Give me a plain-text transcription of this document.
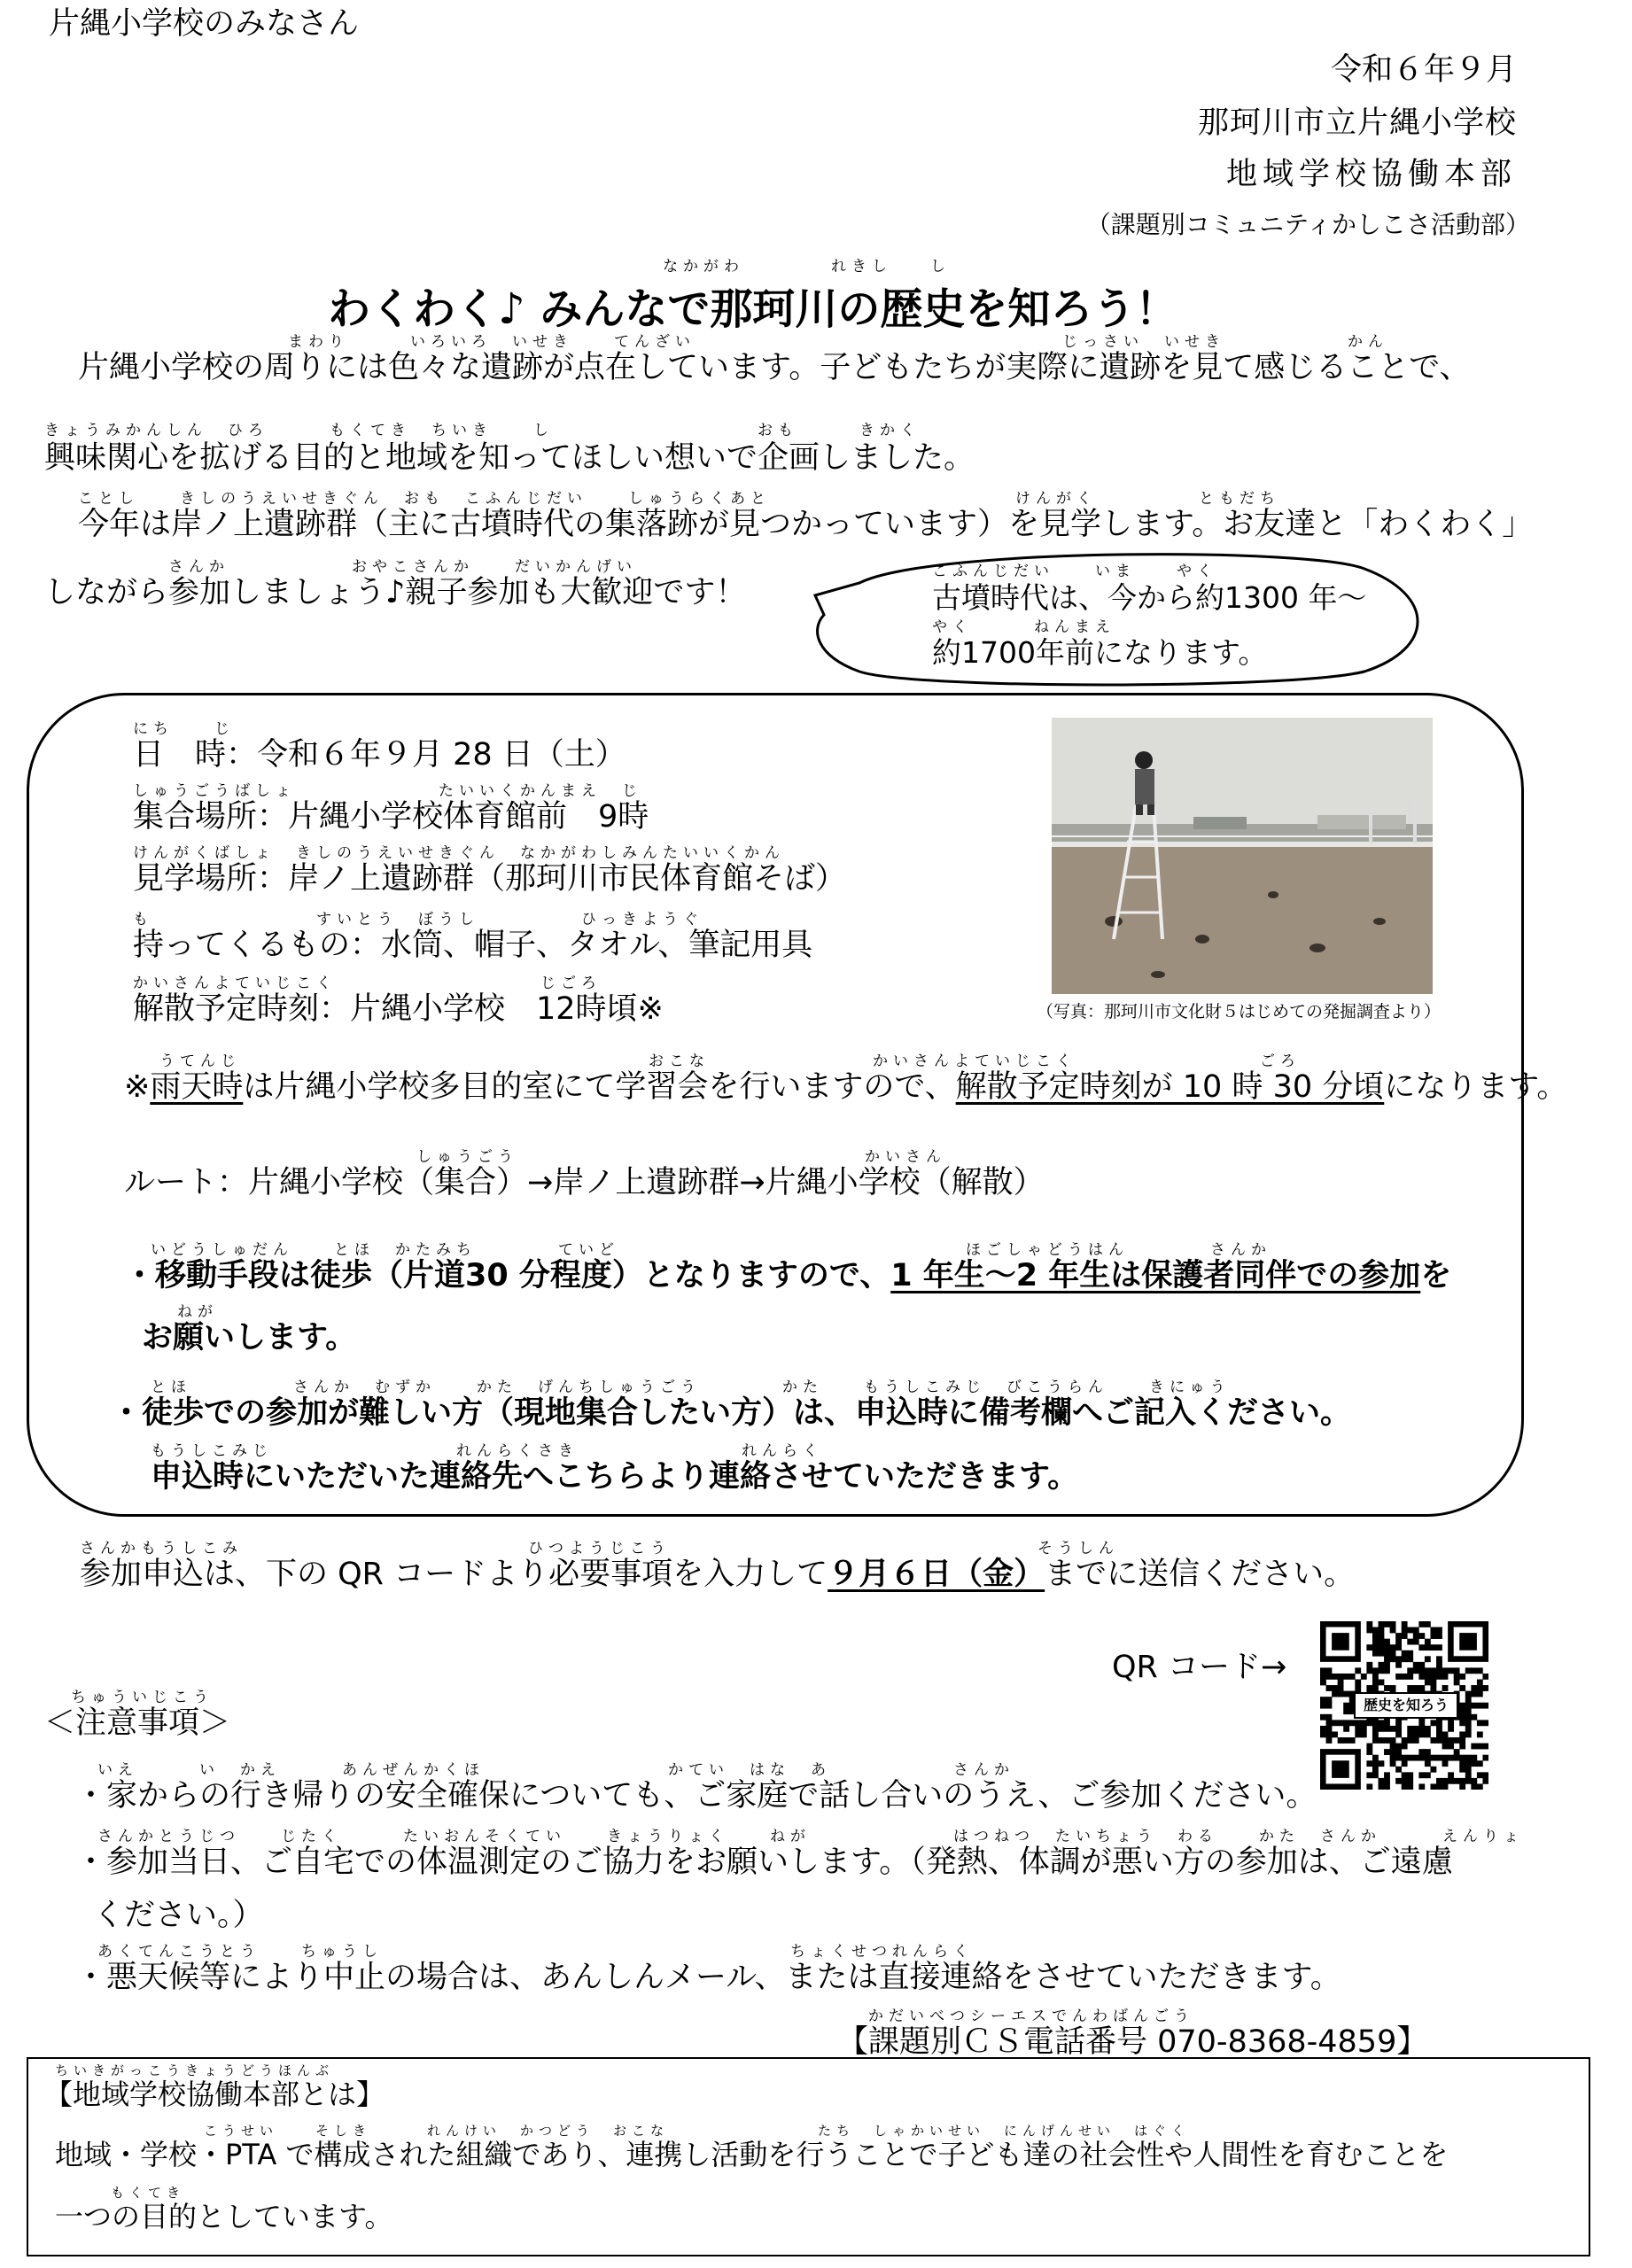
片縄小学校のみなさん
令和６年９月
那珂川市立片縄小学校
地域学校協働本部
（課題別コミュニティかしこさ活動部）
なかがわ	れきし	し
わくわく♪ みんなで那珂川の歴史を知ろう！
まわり　　　いろいろ　いせき　　てんざい　　　　　　　　　　　　　　　　　　じっさい　いせき　　　　　　かん
片縄小学校の周りには色々な遺跡が点在しています。子どもたちが実際に遺跡を見て感じることで、
きょうみかんしん　ひろ　　　もくてき　ちいき　　し　　　　　　　　　　おも　　　きかく
興味関心を拡げる目的と地域を知ってほしい想いで企画しました。
ことし　　きしのうえいせきぐん　おも　こふんじだい　　しゅうらくあと　　　　　　　　　　　　けんがく　　　　　ともだち
今年は岸ノ上遺跡群（主に古墳時代の集落跡が見つかっています）を見学します。お友達と「わくわく」
さんか　　　　　　おやこさんか　　だいかんげい
しながら参加しましょう♪親子参加も大歓迎です！
こふんじだい　　いま　　やく
古墳時代は、今から約1300 年～
やく　　　ねんまえ
約1700年前になります。
にち　　じ
日　時：令和６年９月 28 日（土）
しゅうごうばしょ　　　　　　　たいいくかんまえ　じ
集合場所：片縄小学校体育館前　9時
けんがくばしょ　きしのうえいせきぐん　なかがわしみんたいいくかん
見学場所：岸ノ上遺跡群（那珂川市民体育館そば）
も　　　　　　　　すいとう　ぼうし　　　　　ひっきようぐ
持ってくるもの：水筒、帽子、タオル、筆記用具
かいさんよていじこく　　　　　　　　　　じごろ
解散予定時刻：片縄小学校　12時頃※	（写真：那珂川市文化財５はじめての発掘調査より）
うてんじ　　　　　　　　　　　　　　　　　　　　おこな　　　　　　　　かいさんよていじこく　　　　　　　　　ごろ
※雨天時は片縄小学校多目的室にて学習会を行いますので、解散予定時刻が 10 時 30 分頃になります。
しゅうごう　　　　　　　　　　　　　　　　　かいさん
ルート：片縄小学校（集合）→岸ノ上遺跡群→片縄小学校（解散）
いどうしゅだん　　とほ　かたみち　　　　ていど　　　　　　　　　　　　　　　　　ほごしゃどうはん　　　　さんか
・移動手段は徒歩（片道30 分程度）となりますので、1 年生～2 年生は保護者同伴での参加を
ねが
お願いします。
とほ　　　　　さんか　むずか　　かた　げんちしゅうごう　　　　かた　　もうしこみじ　びこうらん　　きにゅう
・徒歩での参加が難しい方（現地集合したい方）は、申込時に備考欄へご記入ください。
もうしこみじ　　　　　　　　　れんらくさき　　　　　　　　れんらく
申込時にいただいた連絡先へこちらより連絡させていただきます。
さんかもうしこみ　　　　　　　　　　　　　　ひつようじこう　　　　　　　　　　　　　　　　　　そうしん
参加申込は、下の QR コードより必要事項を入力して９月６日（金）までに送信ください。
QR コード→
歴史を知ろう
ちゅういじこう
＜注意事項＞
いえ　　　い　かえ　　　あんぜんかくほ　　　　　　　　　かてい　はな　あ　　　　　　さんか
・家からの行き帰りの安全確保についても、ご家庭で話し合いのうえ、ご参加ください。
さんかとうじつ　　じたく　　　たいおんそくてい　　きょうりょく　　ねが　　　　　　　はつねつ　たいちょう　わる　　かた　さんか　　　えんりょ
・参加当日、ご自宅での体温測定のご協力をお願いします。（発熱、体調が悪い方の参加は、ご遠慮
ください。）
あくてんこうとう　　ちゅうし　　　　　　　　　　　　　　　　　　　　ちょくせつれんらく
・悪天候等により中止の場合は、あんしんメール、または直接連絡をさせていただきます。
かだいべつシーエスでんわばんごう
【課題別ＣＳ電話番号 070-8368-4859】
ちいきがっこうきょうどうほんぶ
【地域学校協働本部とは】
　　　　　　　　こうせい　　そしき　　　れんけい　かつどう　おこな　　　　　　　　たち　しゃかいせい　にんげんせい　はぐく
地域・学校・PTA で構成された組織であり、連携し活動を行うことで子ども達の社会性や人間性を育むことを
　　　もくてき
一つの目的としています。
